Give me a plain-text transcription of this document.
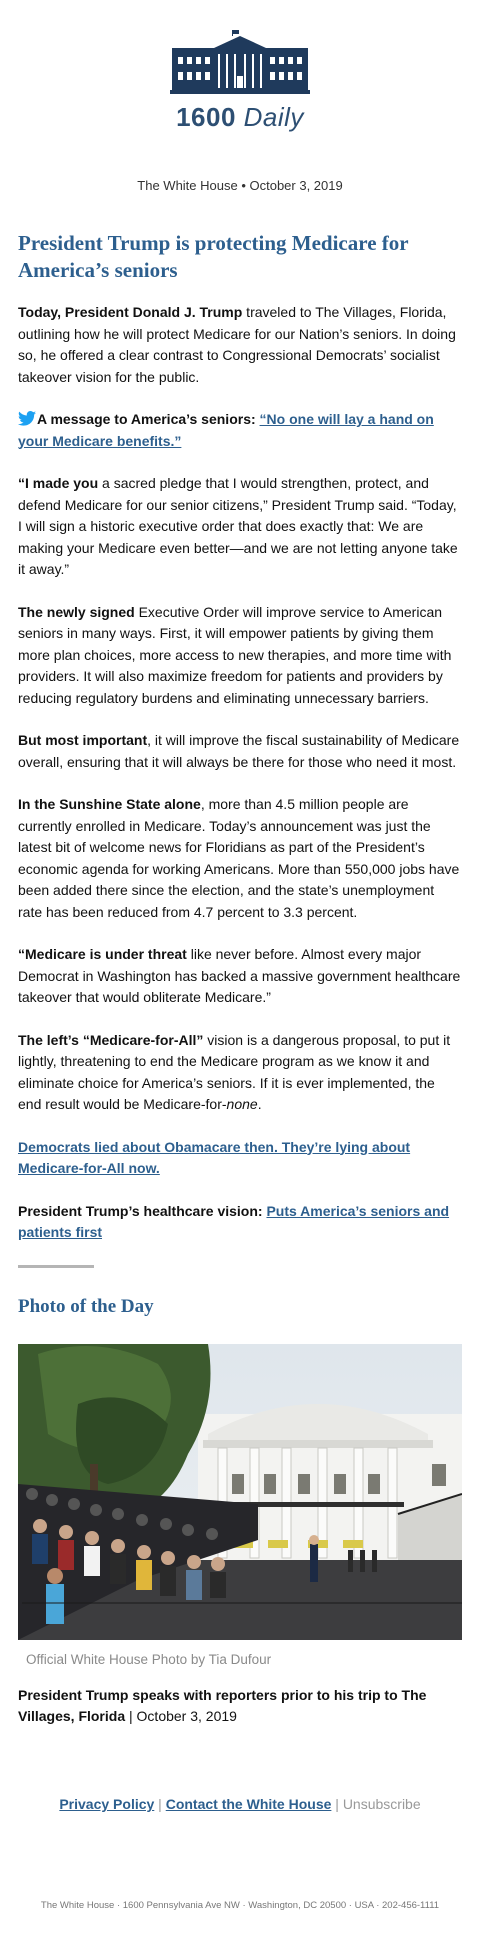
1600 Daily
The White House • October 3, 2019
President Trump is protecting Medicare for America’s seniors

Today, President Donald J. Trump traveled to The Villages, Florida, outlining how he will protect Medicare for our Nation’s seniors. In doing so, he offered a clear contrast to Congressional Democrats’ socialist takeover vision for the public.

A message to America’s seniors: “No one will lay a hand on your Medicare benefits.”

“I made you a sacred pledge that I would strengthen, protect, and defend Medicare for our senior citizens,” President Trump said. “Today, I will sign a historic executive order that does exactly that: We are making your Medicare even better—and we are not letting anyone take it away.”

The newly signed Executive Order will improve service to American seniors in many ways. First, it will empower patients by giving them more plan choices, more access to new therapies, and more time with providers. It will also maximize freedom for patients and providers by reducing regulatory burdens and eliminating unnecessary barriers.

But most important, it will improve the fiscal sustainability of Medicare overall, ensuring that it will always be there for those who need it most.

In the Sunshine State alone, more than 4.5 million people are currently enrolled in Medicare. Today’s announcement was just the latest bit of welcome news for Floridians as part of the President’s economic agenda for working Americans. More than 550,000 jobs have been added there since the election, and the state’s unemployment rate has been reduced from 4.7 percent to 3.3 percent.

“Medicare is under threat like never before. Almost every major Democrat in Washington has backed a massive government healthcare takeover that would obliterate Medicare.”

The left’s “Medicare-for-All” vision is a dangerous proposal, to put it lightly, threatening to end the Medicare program as we know it and eliminate choice for America’s seniors. If it is ever implemented, the end result would be Medicare-for-none.

Democrats lied about Obamacare then. They’re lying about Medicare-for-All now.

President Trump’s healthcare vision: Puts America’s seniors and patients first

Photo of the Day
Official White House Photo by Tia Dufour

President Trump speaks with reporters prior to his trip to The Villages, Florida | October 3, 2019

Privacy Policy | Contact the White House | Unsubscribe
The White House · 1600 Pennsylvania Ave NW · Washington, DC 20500 · USA · 202-456-1111
